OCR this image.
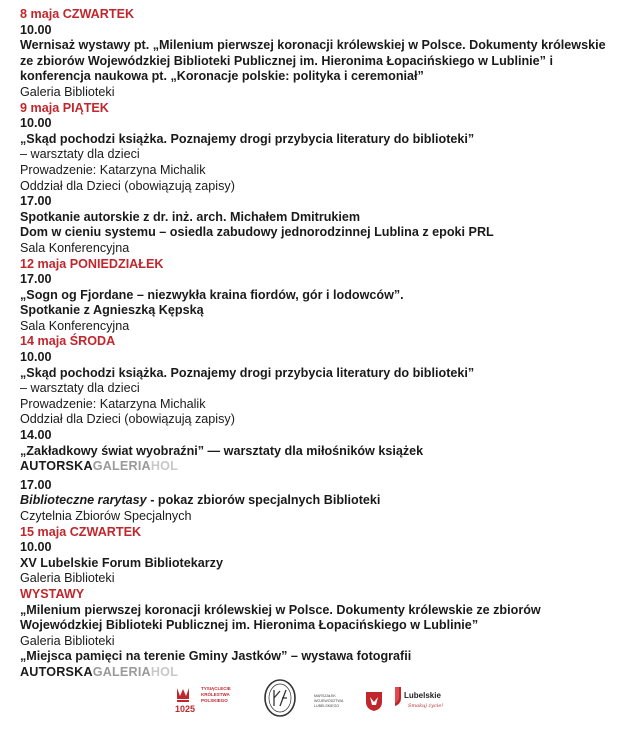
8 maja CZWARTEK
10.00
Wernisaż wystawy pt. „Milenium pierwszej koronacji królewskiej w Polsce. Dokumenty królewskie ze zbiorów Wojewódzkiej Biblioteki Publicznej im. Hieronima Łopacińskiego w Lublinie” i konferencja naukowa pt. „Koronacje polskie: polityka i ceremoniał”
Galeria Biblioteki
9 maja PIĄTEK
10.00
„Skąd pochodzi książka. Poznajemy drogi przybycia literatury do biblioteki”
– warsztaty dla dzieci
Prowadzenie: Katarzyna Michalik
Oddział dla Dzieci (obowiązują zapisy)
17.00
Spotkanie autorskie z dr. inż. arch. Michałem Dmitrukiem
Dom w cieniu systemu – osiedla zabudowy jednorodzinnej Lublina z epoki PRL
Sala Konferencyjna
12 maja PONIEDZIAŁEK
17.00
„Sogn og Fjordane – niezwykła kraina fiordów, gór i lodowców”.
Spotkanie z Agnieszką Kępską
Sala Konferencyjna
14 maja ŚRODA
10.00
„Skąd pochodzi książka. Poznajemy drogi przybycia literatury do biblioteki”
– warsztaty dla dzieci
Prowadzenie: Katarzyna Michalik
Oddział dla Dzieci (obowiązują zapisy)
14.00
„Zakładkowy świat wyobraźni” — warsztaty dla miłośników książek
AUTORSKAGALERIAHOL
17.00
Biblioteczne rarytasy - pokaz zbiorów specjalnych Biblioteki
Czytelnia Zbiorów Specjalnych
15 maja CZWARTEK
10.00
XV Lubelskie Forum Bibliotekarzy
Galeria Biblioteki
WYSTAWY
„Milenium pierwszej koronacji królewskiej w Polsce. Dokumenty królewskie ze zbiorów Wojewódzkiej Biblioteki Publicznej im. Hieronima Łopacińskiego w Lublinie”
Galeria Biblioteki
„Miejsca pamięci na terenie Gminy Jastków” – wystawa fotografii
AUTORSKAGALERIAHOL
1025
TYSIĄCLECIE
KRÓLESTWA
POLSKIEGO
MARSZAŁEK
WOJEWÓDZTWA
LUBELSKIEGO
Lubelskie
Smakuj życie!
